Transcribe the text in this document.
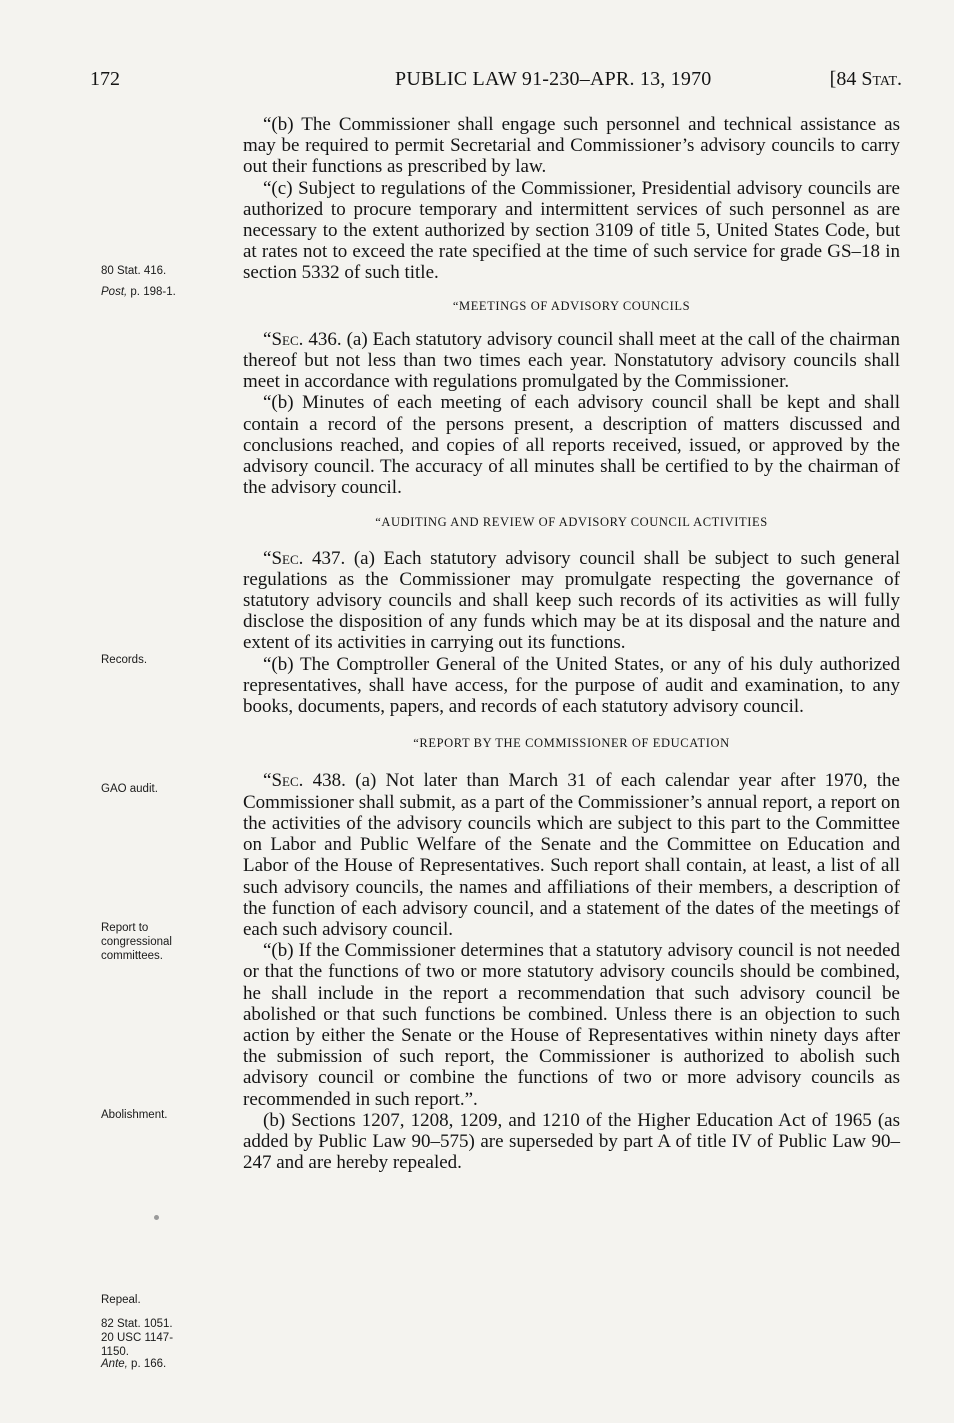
172	PUBLIC LAW 91-230–APR. 13, 1970	[84 Stat.
80 Stat. 416.
Post, p. 198-1.
Records.
GAO audit.
Report to
congressional
committees.
Abolishment.
Repeal.
82 Stat. 1051.
20 USC 1147-
1150.
Ante, p. 166.

“(b) The Commissioner shall engage such personnel and technical assistance as may be required to permit Secretarial and Commissioner’s advisory councils to carry out their functions as prescribed by law.

“(c) Subject to regulations of the Commissioner, Presidential advisory councils are authorized to procure temporary and intermittent services of such personnel as are necessary to the extent authorized by section 3109 of title 5, United States Code, but at rates not to exceed the rate specified at the time of such service for grade GS–18 in section 5332 of such title.

“MEETINGS OF ADVISORY COUNCILS

“Sec. 436. (a) Each statutory advisory council shall meet at the call of the chairman thereof but not less than two times each year. Nonstatutory advisory councils shall meet in accordance with regulations promulgated by the Commissioner.

“(b) Minutes of each meeting of each advisory council shall be kept and shall contain a record of the persons present, a description of matters discussed and conclusions reached, and copies of all reports received, issued, or approved by the advisory council. The accuracy of all minutes shall be certified to by the chairman of the advisory council.

“AUDITING AND REVIEW OF ADVISORY COUNCIL ACTIVITIES

“Sec. 437. (a) Each statutory advisory council shall be subject to such general regulations as the Commissioner may promulgate respecting the governance of statutory advisory councils and shall keep such records of its activities as will fully disclose the disposition of any funds which may be at its disposal and the nature and extent of its activities in carrying out its functions.

“(b) The Comptroller General of the United States, or any of his duly authorized representatives, shall have access, for the purpose of audit and examination, to any books, documents, papers, and records of each statutory advisory council.

“REPORT BY THE COMMISSIONER OF EDUCATION

“Sec. 438. (a) Not later than March 31 of each calendar year after 1970, the Commissioner shall submit, as a part of the Commissioner’s annual report, a report on the activities of the advisory councils which are subject to this part to the Committee on Labor and Public Welfare of the Senate and the Committee on Education and Labor of the House of Representatives. Such report shall contain, at least, a list of all such advisory councils, the names and affiliations of their members, a description of the function of each advisory council, and a statement of the dates of the meetings of each such advisory council.

“(b) If the Commissioner determines that a statutory advisory council is not needed or that the functions of two or more statutory advisory councils should be combined, he shall include in the report a recommendation that such advisory council be abolished or that such functions be combined. Unless there is an objection to such action by either the Senate or the House of Representatives within ninety days after the submission of such report, the Commissioner is authorized to abolish such advisory council or combine the functions of two or more advisory councils as recommended in such report.”.

(b) Sections 1207, 1208, 1209, and 1210 of the Higher Education Act of 1965 (as added by Public Law 90–575) are superseded by part A of title IV of Public Law 90–247 and are hereby repealed.
